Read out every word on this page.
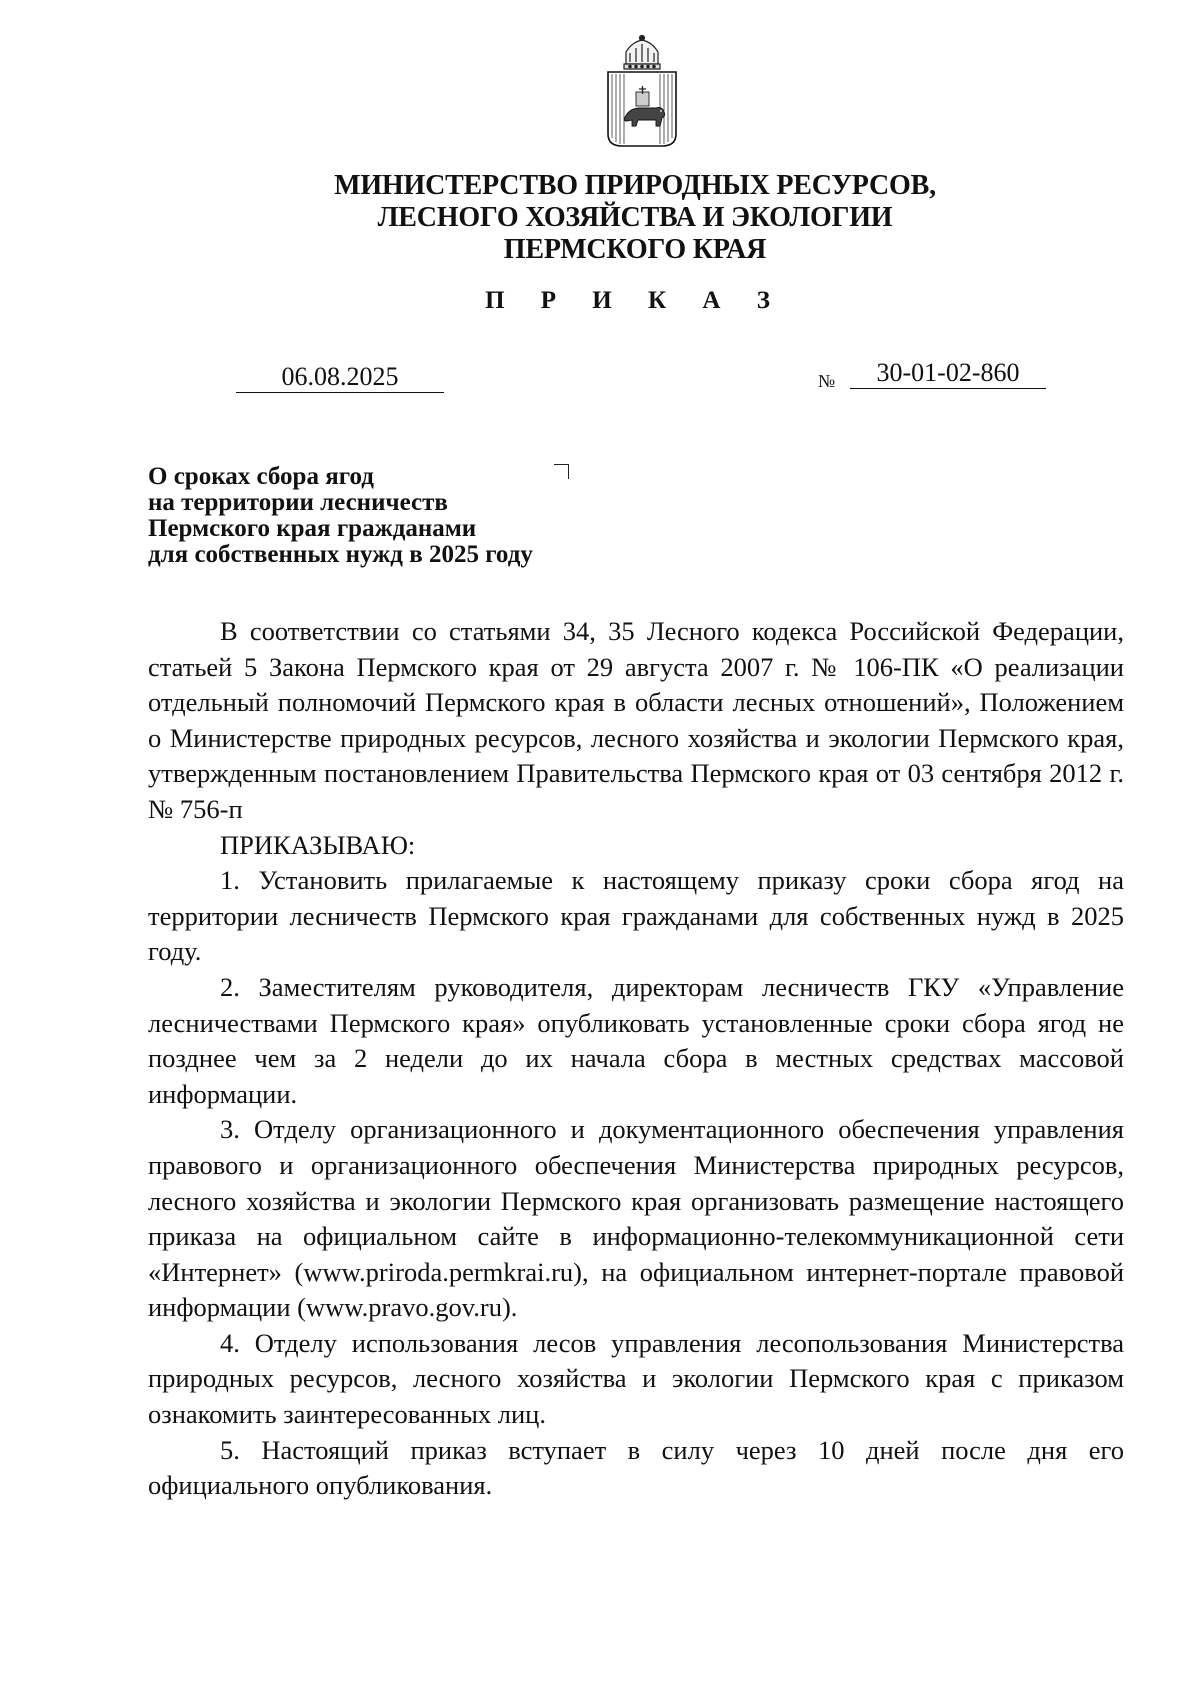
МИНИСТЕРСТВО ПРИРОДНЫХ РЕСУРСОВ,
ЛЕСНОГО ХОЗЯЙСТВА И ЭКОЛОГИИ
ПЕРМСКОГО КРАЯ
П Р И К А З
06.08.2025	№	30-01-02-860
О сроках сбора ягод
на территории лесничеств
Пермского края гражданами
для собственных нужд в 2025 году

В соответствии со статьями 34, 35 Лесного кодекса Российской Федерации, статьей 5 Закона Пермского края от 29 августа 2007 г. № 106-ПК «О реализации отдельный полномочий Пермского края в области лесных отношений», Положением о Министерстве природных ресурсов, лесного хозяйства и экологии Пермского края, утвержденным постановлением Правительства Пермского края от 03 сентября 2012 г. № 756-п

ПРИКАЗЫВАЮ:

1. Установить прилагаемые к настоящему приказу сроки сбора ягод на территории лесничеств Пермского края гражданами для собственных нужд в 2025 году.

2. Заместителям руководителя, директорам лесничеств ГКУ «Управление лесничествами Пермского края» опубликовать установленные сроки сбора ягод не позднее чем за 2 недели до их начала сбора в местных средствах массовой информации.

3. Отделу организационного и документационного обеспечения управления правового и организационного обеспечения Министерства природных ресурсов, лесного хозяйства и экологии Пермского края организовать размещение настоящего приказа на официальном сайте в информационно-телекоммуникационной сети «Интернет» (www.priroda.permkrai.ru), на официальном интернет-портале правовой информации (www.pravo.gov.ru).

4. Отделу использования лесов управления лесопользования Министерства природных ресурсов, лесного хозяйства и экологии Пермского края с приказом ознакомить заинтересованных лиц.

5. Настоящий приказ вступает в силу через 10 дней после дня его официального опубликования.
